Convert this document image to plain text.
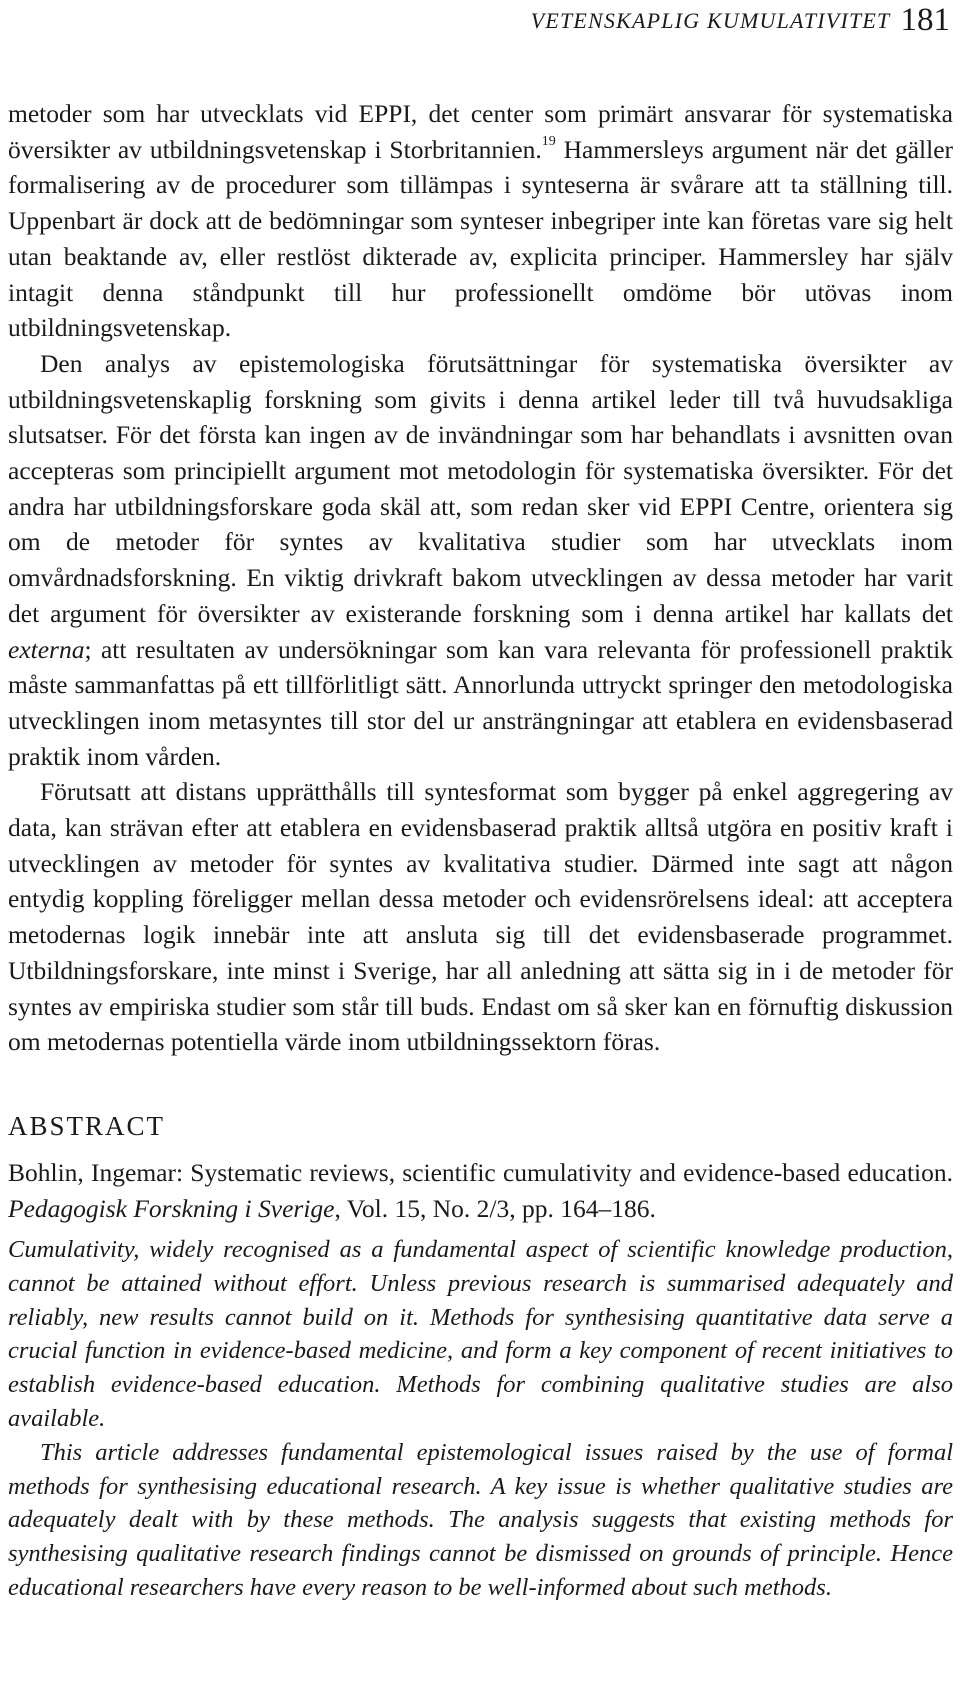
VETENSKAPLIG KUMULATIVITET 181

metoder som har utvecklats vid EPPI, det center som primärt ansvarar för systematiska översikter av utbildningsvetenskap i Storbritannien.$^{19}$ Hammersleys argument när det gäller formalisering av de procedurer som tillämpas i synteserna är svårare att ta ställning till. Uppenbart är dock att de bedömningar som synteser inbegriper inte kan företas vare sig helt utan beaktande av, eller restlöst dikterade av, explicita principer. Hammersley har själv intagit denna ståndpunkt till hur professionellt omdöme bör utövas inom utbildningsvetenskap.

Den analys av epistemologiska förutsättningar för systematiska översikter av utbildningsvetenskaplig forskning som givits i denna artikel leder till två huvudsakliga slutsatser. För det första kan ingen av de invändningar som har behandlats i avsnitten ovan accepteras som principiellt argument mot metodologin för systematiska översikter. För det andra har utbildningsforskare goda skäl att, som redan sker vid EPPI Centre, orientera sig om de metoder för syntes av kvalitativa studier som har utvecklats inom omvårdnadsforskning. En viktig drivkraft bakom utvecklingen av dessa metoder har varit det argument för översikter av existerande forskning som i denna artikel har kallats det externa; att resultaten av undersökningar som kan vara relevanta för professionell praktik måste sammanfattas på ett tillförlitligt sätt. Annorlunda uttryckt springer den metodologiska utvecklingen inom metasyntes till stor del ur ansträngningar att etablera en evidensbaserad praktik inom vården.

Förutsatt att distans upprätthålls till syntesformat som bygger på enkel aggregering av data, kan strävan efter att etablera en evidensbaserad praktik alltså utgöra en positiv kraft i utvecklingen av metoder för syntes av kvalitativa studier. Därmed inte sagt att någon entydig koppling föreligger mellan dessa metoder och evidensrörelsens ideal: att acceptera metodernas logik innebär inte att ansluta sig till det evidensbaserade programmet. Utbildningsforskare, inte minst i Sverige, har all anledning att sätta sig in i de metoder för syntes av empiriska studier som står till buds. Endast om så sker kan en förnuftig diskussion om metodernas potentiella värde inom utbildningssektorn föras.

ABSTRACT
Bohlin, Ingemar: Systematic reviews, scientific cumulativity and evidence-based education. Pedagogisk Forskning i Sverige, Vol. 15, No. 2/3, pp. 164–186.

Cumulativity, widely recognised as a fundamental aspect of scientific knowledge production, cannot be attained without effort. Unless previous research is summarised adequately and reliably, new results cannot build on it. Methods for synthesising quantitative data serve a crucial function in evidence-based medicine, and form a key component of recent initiatives to establish evidence-based education. Methods for combining qualitative studies are also available.

This article addresses fundamental epistemological issues raised by the use of formal methods for synthesising educational research. A key issue is whether qualitative studies are adequately dealt with by these methods. The analysis suggests that existing methods for synthesising qualitative research findings cannot be dismissed on grounds of principle. Hence educational researchers have every reason to be well-informed about such methods.
